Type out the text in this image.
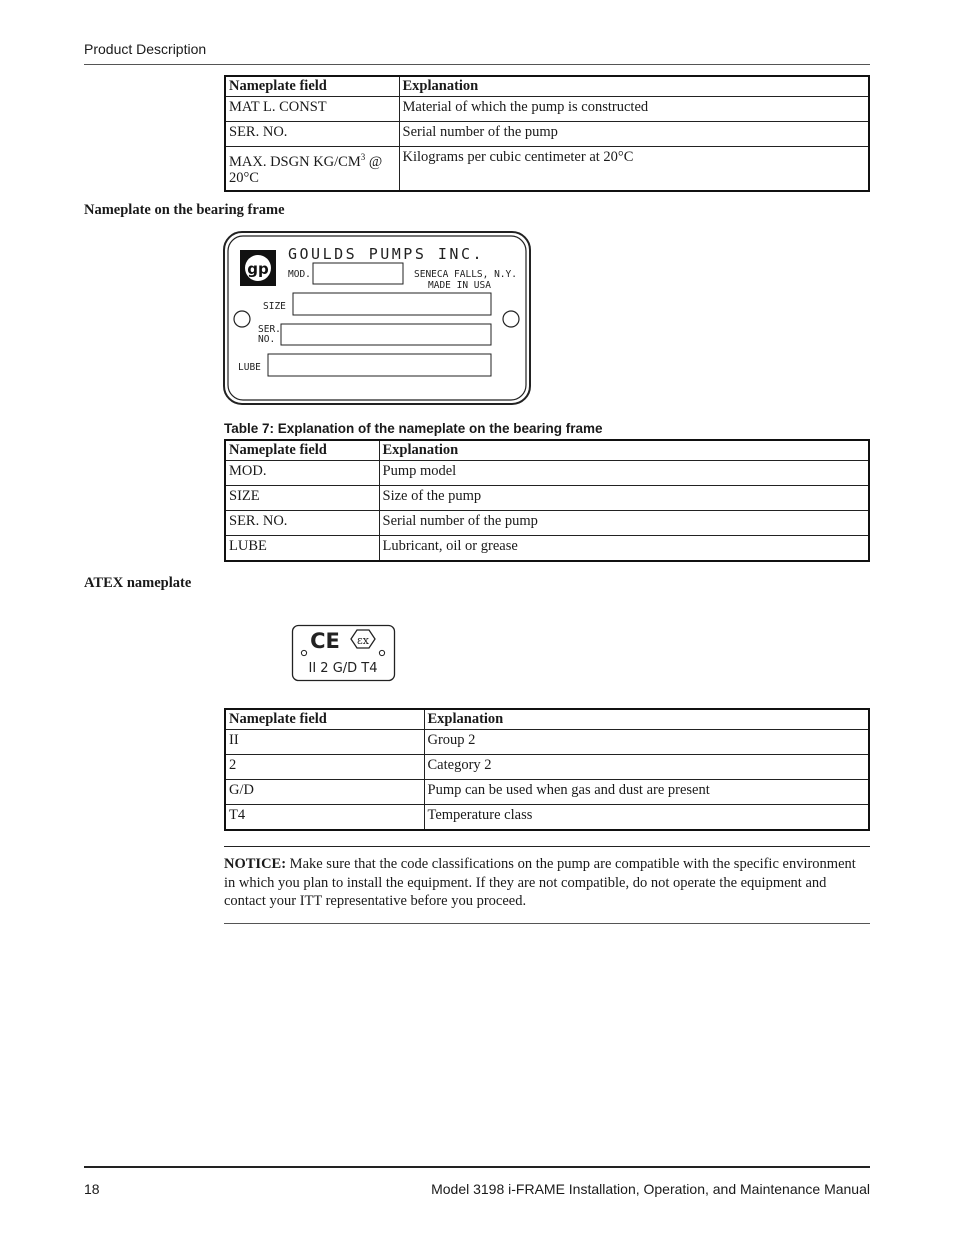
Product Description
Nameplate field	Explanation
MAT L. CONST	Material of which the pump is constructed
SER. NO.	Serial number of the pump
MAX. DSGN $KG/CM^3$ @ 20°C	Kilograms per cubic centimeter at 20°C
Nameplate on the bearing frame
gp
GOULDS PUMPS INC.
MOD.	SENECA FALLS, N.Y.
MADE IN USA
SIZE
SER.
NO.
LUBE
Table 7: Explanation of the nameplate on the bearing frame
Nameplate field	Explanation
MOD.	Pump model
SIZE	Size of the pump
SER. NO.	Serial number of the pump
LUBE	Lubricant, oil or grease
ATEX nameplate
CE εx
II 2 G/D T4
Nameplate field	Explanation
II	Group 2
2	Category 2
G/D	Pump can be used when gas and dust are present
T4	Temperature class
NOTICE: Make sure that the code classifications on the pump are compatible with the specific environment in which you plan to install the equipment. If they are not compatible, do not operate the equipment and contact your ITT representative before you proceed.
18	Model 3198 i-FRAME Installation, Operation, and Maintenance Manual
